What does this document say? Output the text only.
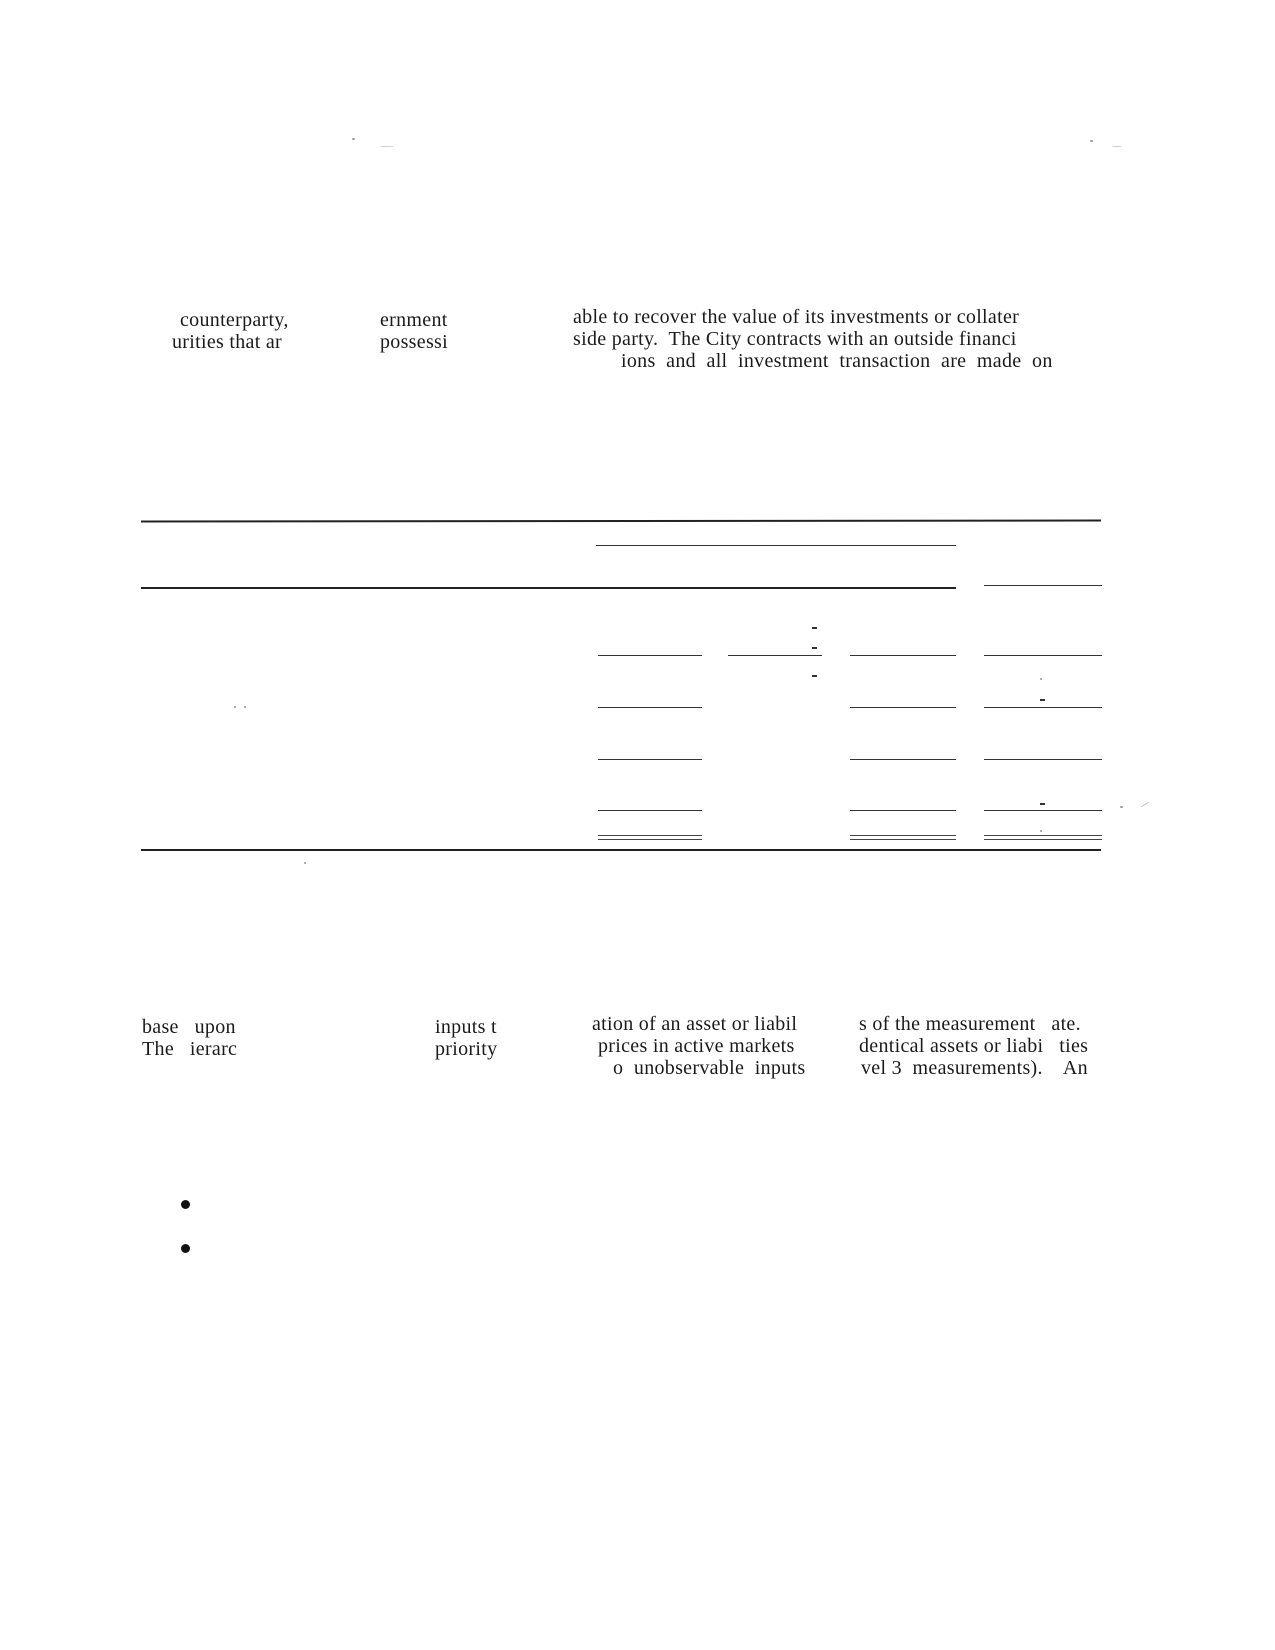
counterparty,
urities that ar
ernment
possessi
able to recover the value of its investments or collater
side party.  The City contracts with an outside financi
ions  and  all  investment  transaction  are  made  on
base   upon
The   ierarc
inputs t
priority
ation of an asset or liabil
prices in active markets
o  unobservable  inputs
s of the measurement   ate.
dentical assets or liabi   ties
vel 3  measurements).    An
